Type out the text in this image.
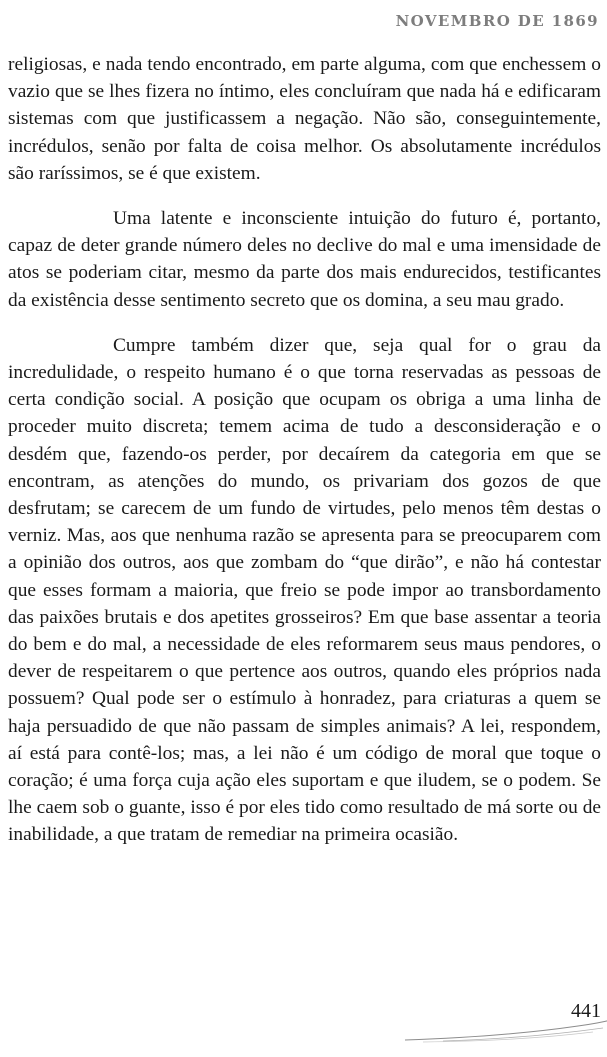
NOVEMBRO DE 1869

religiosas, e nada tendo encontrado, em parte alguma, com que enchessem o vazio que se lhes fizera no íntimo, eles concluíram que nada há e edificaram sistemas com que justificassem a negação. Não são, conseguintemente, incrédulos, senão por falta de coisa melhor. Os absolutamente incrédulos são raríssimos, se é que existem.

Uma latente e inconsciente intuição do futuro é, portanto, capaz de deter grande número deles no declive do mal e uma imensidade de atos se poderiam citar, mesmo da parte dos mais endurecidos, testificantes da existência desse sentimento secreto que os domina, a seu mau grado.

Cumpre também dizer que, seja qual for o grau da incredulidade, o respeito humano é o que torna reservadas as pessoas de certa condição social. A posição que ocupam os obriga a uma linha de proceder muito discreta; temem acima de tudo a desconsideração e o desdém que, fazendo-os perder, por decaírem da categoria em que se encontram, as atenções do mundo, os privariam dos gozos de que desfrutam; se carecem de um fundo de virtudes, pelo menos têm destas o verniz. Mas, aos que nenhuma razão se apresenta para se preocuparem com a opinião dos outros, aos que zombam do “que dirão”, e não há contestar que esses formam a maioria, que freio se pode impor ao transbordamento das paixões brutais e dos apetites grosseiros? Em que base assentar a teoria do bem e do mal, a necessidade de eles reformarem seus maus pendores, o dever de respeitarem o que pertence aos outros, quando eles próprios nada possuem? Qual pode ser o estímulo à honradez, para criaturas a quem se haja persuadido de que não passam de simples animais? A lei, respondem, aí está para contê-los; mas, a lei não é um código de moral que toque o coração; é uma força cuja ação eles suportam e que iludem, se o podem. Se lhe caem sob o guante, isso é por eles tido como resultado de má sorte ou de inabilidade, a que tratam de remediar na primeira ocasião.

441
